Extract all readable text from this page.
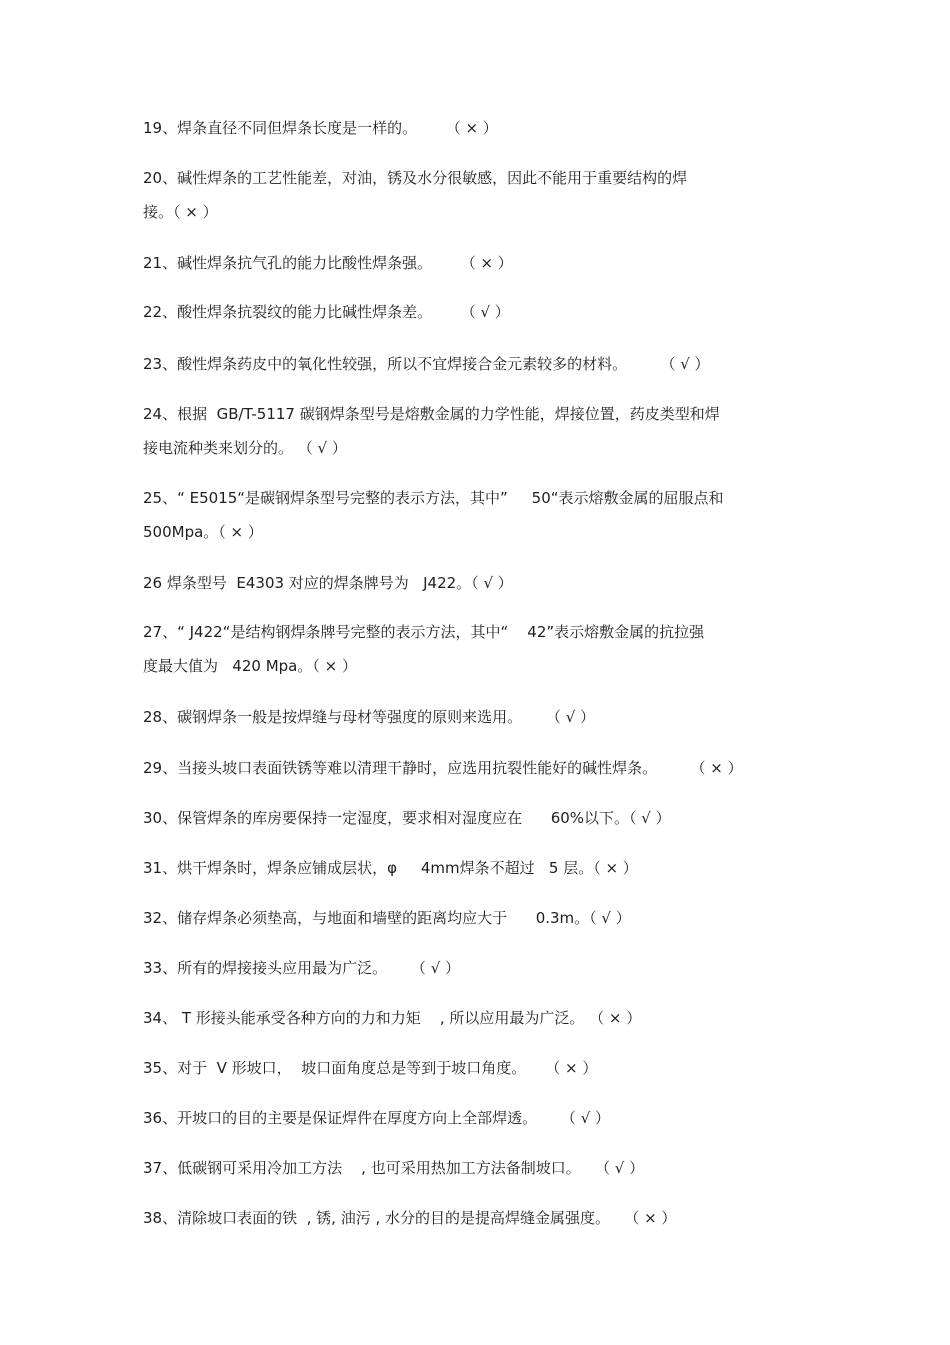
19、焊条直径不同但焊条长度是一样的。      （ × ）
20、碱性焊条的工艺性能差，对油，锈及水分很敏感，因此不能用于重要结构的焊
接。（ × ）
21、碱性焊条抗气孔的能力比酸性焊条强。      （ × ）
22、酸性焊条抗裂纹的能力比碱性焊条差。      （ √ ）
23、酸性焊条药皮中的氧化性较强，所以不宜焊接合金元素较多的材料。       （ √ ）
24、根据  GB/T-5117 碳钢焊条型号是熔敷金属的力学性能，焊接位置，药皮类型和焊
接电流种类来划分的。 （ √ ）
25、“ E5015“是碳钢焊条型号完整的表示方法，其中”     50“表示熔敷金属的屈服点和
500Mpa。（ × ）
26 焊条型号  E4303 对应的焊条牌号为   J422。（ √ ）
27、“ J422“是结构钢焊条牌号完整的表示方法，其中“    42”表示熔敷金属的抗拉强
度最大值为   420 Mpa。（ × ）
28、碳钢焊条一般是按焊缝与母材等强度的原则来选用。     （ √ ）
29、当接头坡口表面铁锈等难以清理干静时，应选用抗裂性能好的碱性焊条。       （ × ）
30、保管焊条的库房要保持一定湿度，要求相对湿度应在      60%以下。（ √ ）
31、烘干焊条时，焊条应铺成层状，φ     4mm焊条不超过   5 层。（ × ）
32、储存焊条必须垫高，与地面和墙壁的距离均应大于      0.3m。（ √ ）
33、所有的焊接接头应用最为广泛。     （ √ ）
34、 T 形接头能承受各种方向的力和力矩    , 所以应用最为广泛。 （ × ）
35、对于  V 形坡口，  坡口面角度总是等到于坡口角度。    （ × ）
36、开坡口的目的主要是保证焊件在厚度方向上全部焊透。     （ √ ）
37、低碳钢可采用冷加工方法    , 也可采用热加工方法备制坡口。   （ √ ）
38、清除坡口表面的铁  , 锈, 油污 , 水分的目的是提高焊缝金属强度。   （ × ）
